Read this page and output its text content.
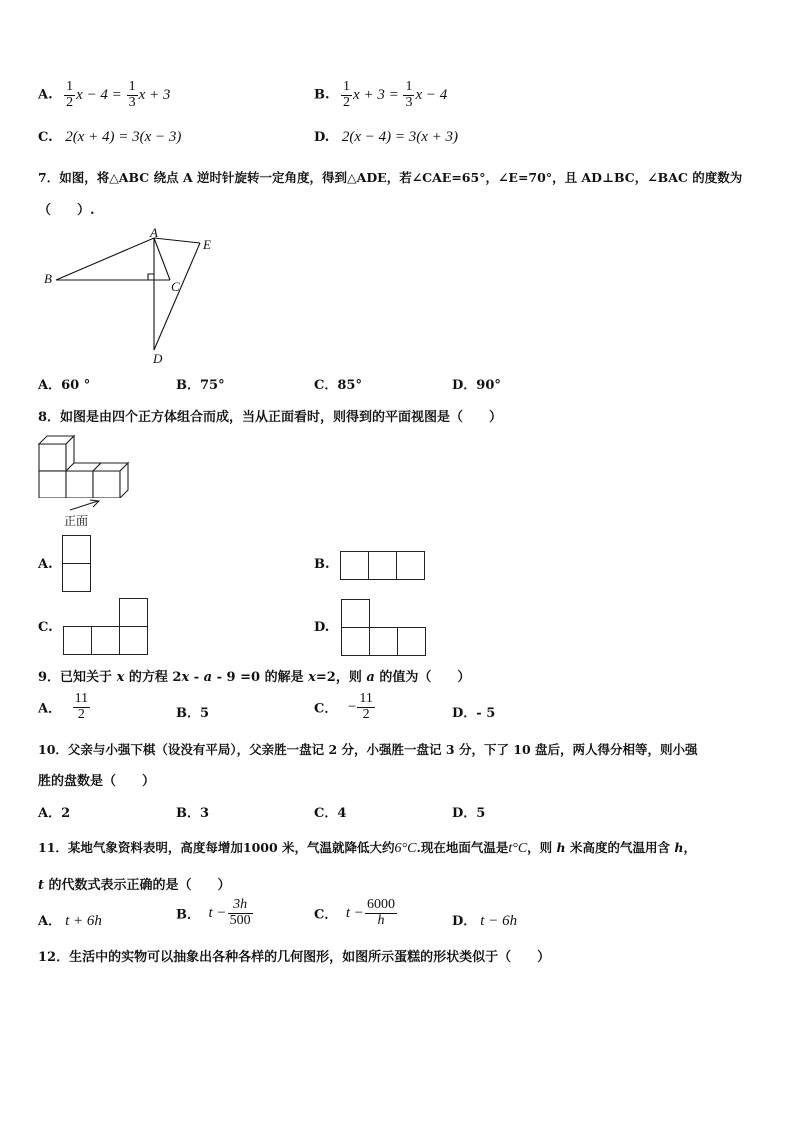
A. $\frac{1}{2}$ $x - 4 = \frac{1}{3}$ x + 3	B. $\frac{1}{2}$ $x + 3 = \frac{1}{3}$ x − 4
C. 2(x + 4) = 3(x − 3)	D. 2(x − 4) = 3(x + 3)
7．如图，将△ABC 绕点 A 逆时针旋转一定角度，得到△ADE，若∠CAE=65°，∠E=70°，且 AD⊥BC，∠BAC 的度数为
（　　）.
A
B
C
D
E
A．60 °	B．75°	C．85°	D．90°
8．如图是由四个正方体组合而成，当从正面看时，则得到的平面视图是（　　）
正面
A.	B.
C.	D.
9．已知关于 x 的方程 2x - a - 9 =0 的解是 x=2，则 a 的值为（　　）
A． $\frac{11}{2}$	B．5	C． − $\frac{11}{2}$	D．- 5
10．父亲与小强下棋（设没有平局），父亲胜一盘记 2 分，小强胜一盘记 3 分，下了 10 盘后，两人得分相等，则小强
胜的盘数是（　　）
A．2	B．3	C．4	D．5
11．某地气象资料表明，高度每增加1000 米，气温就降低大约6°C.现在地面气温是t°C，则 h 米高度的气温用含 h，
t 的代数式表示正确的是（　　）
A． t + 6h	B． $t - \frac{3h}{500}$	C． $t - \frac{6000}{h}$	D． t − 6h
12．生活中的实物可以抽象出各种各样的几何图形，如图所示蛋糕的形状类似于（　　）
